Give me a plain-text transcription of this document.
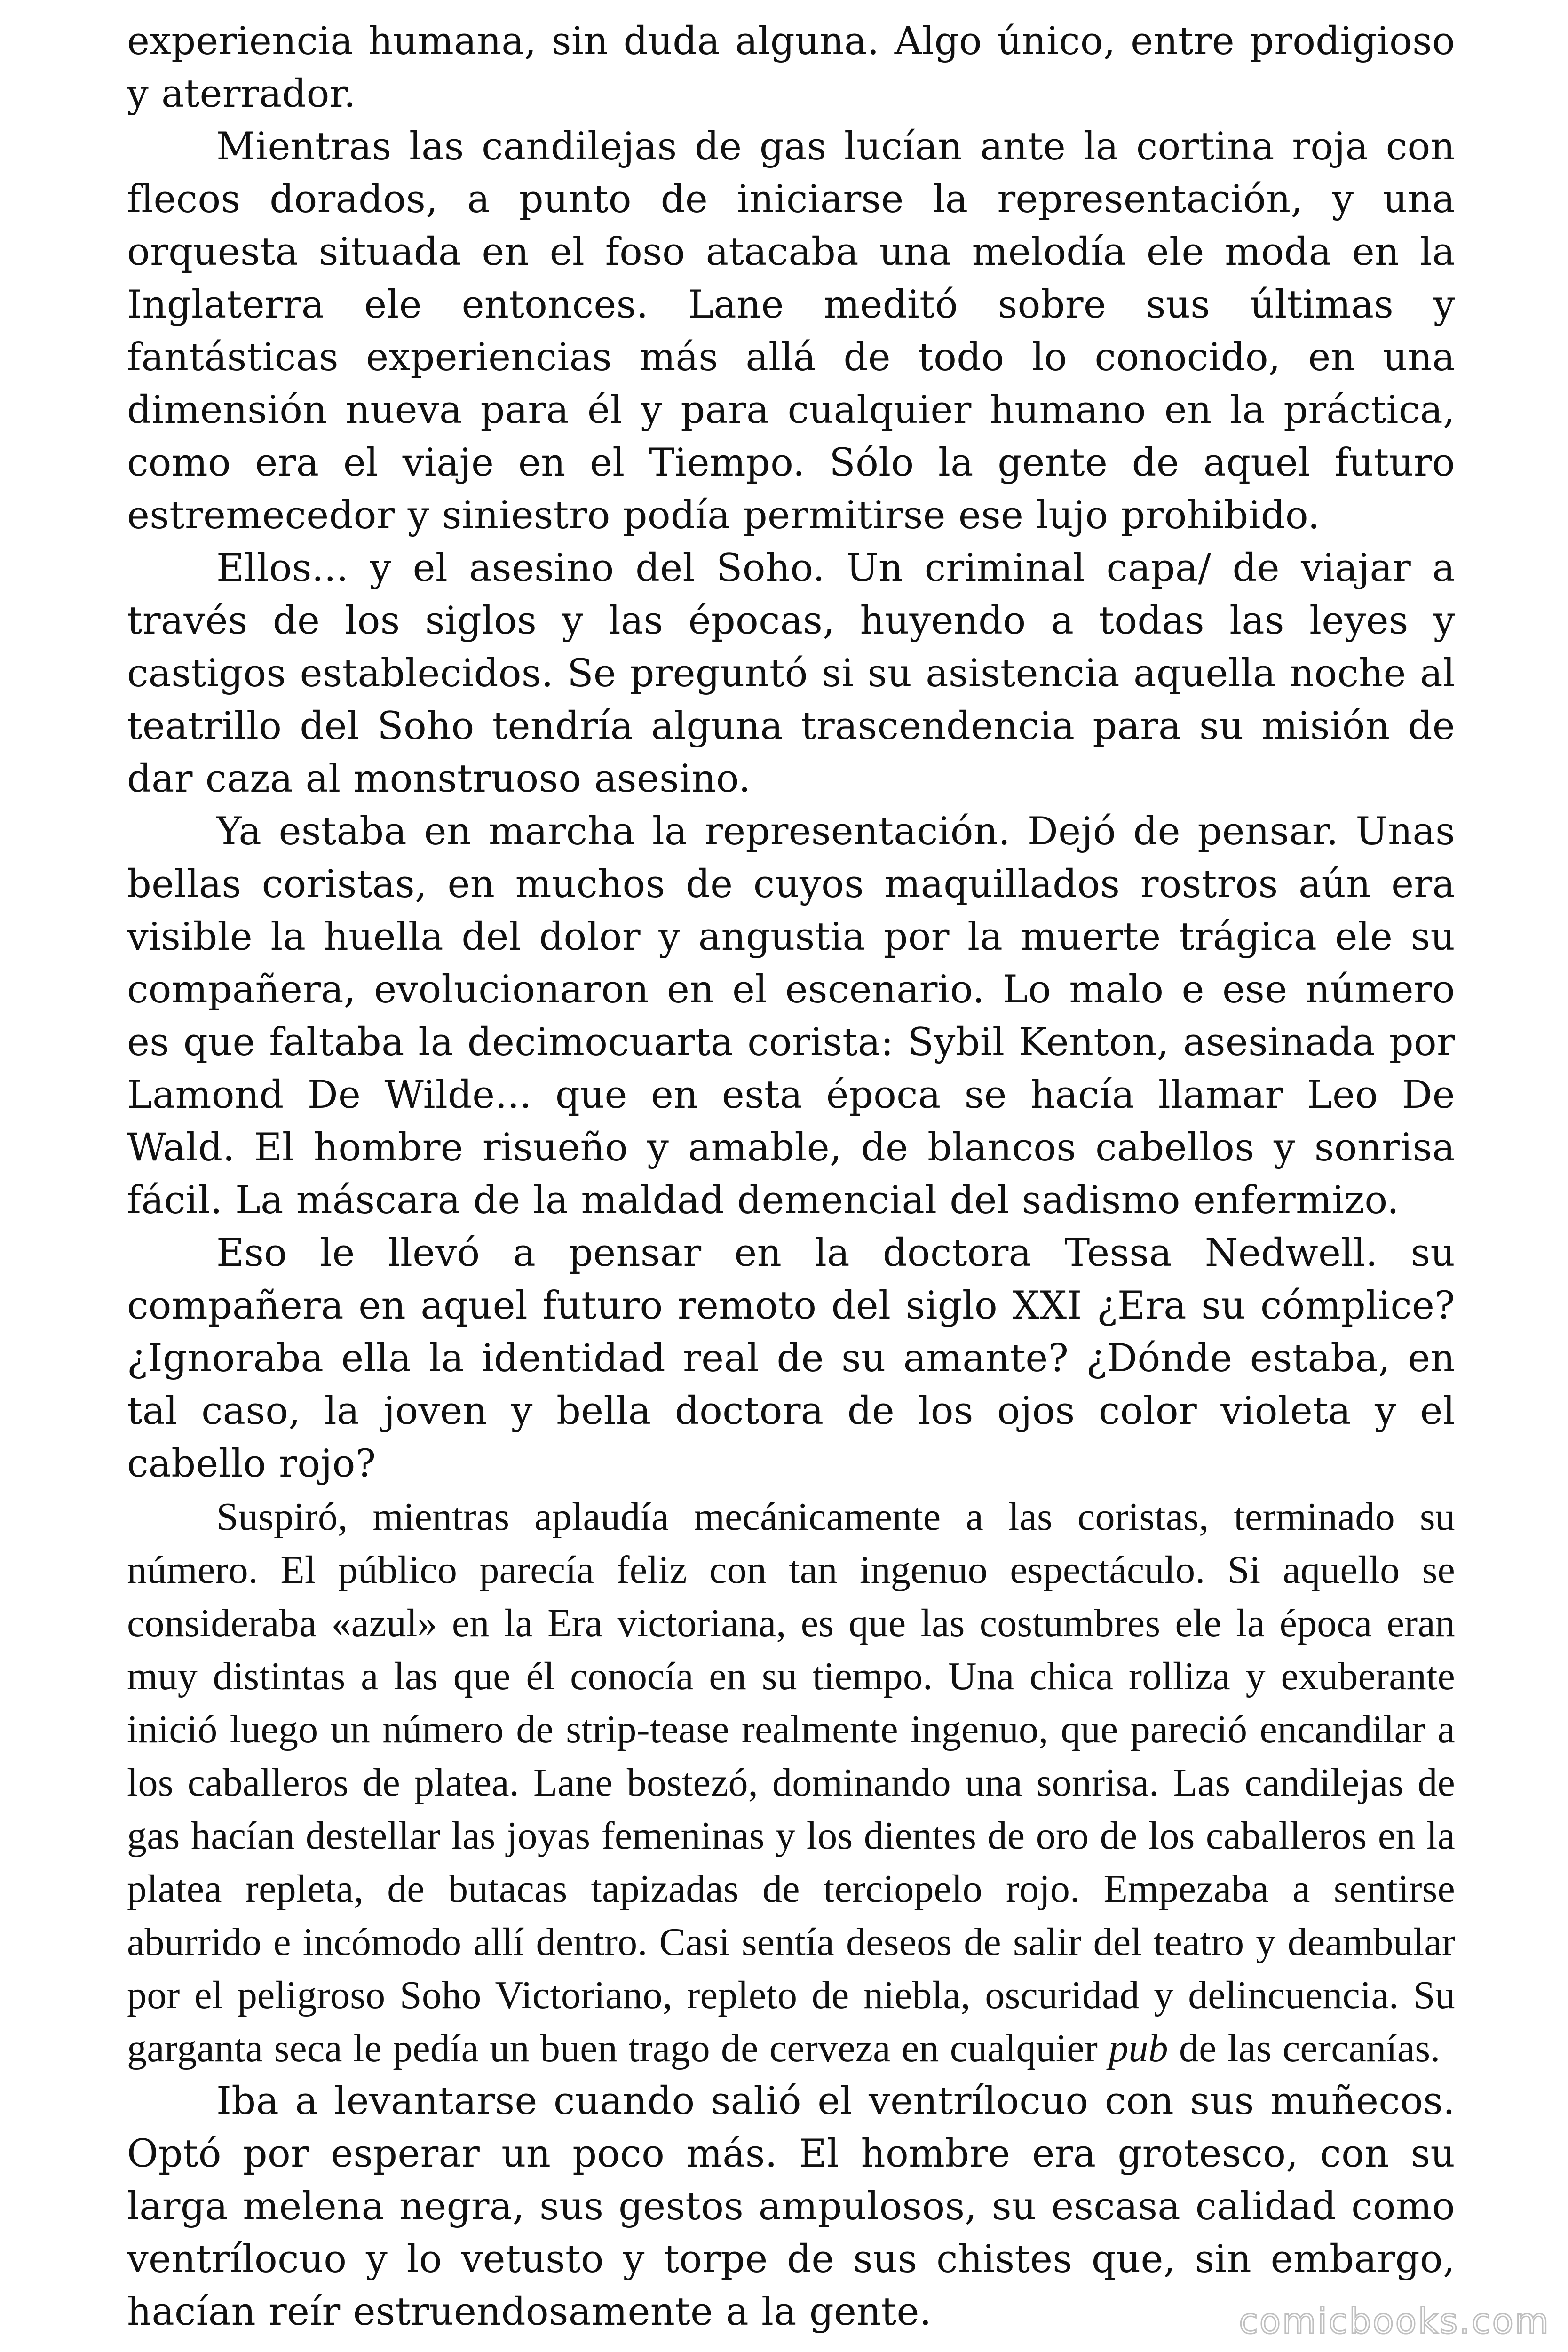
experiencia humana, sin duda alguna. Algo único, entre prodigioso y aterrador.

Mientras las candilejas de gas lucían ante la cortina roja con flecos dorados, a punto de iniciarse la representación, y una orquesta situada en el foso atacaba una melodía ele moda en la Inglaterra ele entonces. Lane meditó sobre sus últimas y fantásticas experiencias más allá de todo lo conocido, en una dimensión nueva para él y para cualquier humano en la práctica, como era el viaje en el Tiempo. Sólo la gente de aquel futuro estremecedor y siniestro podía permitirse ese lujo prohibido.

Ellos... y el asesino del Soho. Un criminal capa/ de viajar a través de los siglos y las épocas, huyendo a todas las leyes y castigos establecidos. Se preguntó si su asistencia aquella noche al teatrillo del Soho tendría alguna trascendencia para su misión de dar caza al monstruoso asesino.

Ya estaba en marcha la representación. Dejó de pensar. Unas bellas coristas, en muchos de cuyos maquillados rostros aún era visible la huella del dolor y angustia por la muerte trágica ele su compañera, evolucionaron en el escenario. Lo malo e ese número es que faltaba la decimocuarta corista: Sybil Kenton, asesinada por Lamond De Wilde... que en esta época se hacía llamar Leo De Wald. El hombre risueño y amable, de blancos cabellos y sonrisa fácil. La máscara de la maldad demencial del sadismo enfermizo.

Eso le llevó a pensar en la doctora Tessa Nedwell. su compañera en aquel futuro remoto del siglo XXI ¿Era su cómplice? ¿Ignoraba ella la identidad real de su amante? ¿Dónde estaba, en tal caso, la joven y bella doctora de los ojos color violeta y el cabello rojo?

Suspiró, mientras aplaudía mecánicamente a las coristas, terminado su número. El público parecía feliz con tan ingenuo espectáculo. Si aquello se consideraba «azul» en la Era victoriana, es que las costumbres ele la época eran muy distintas a las que él conocía en su tiempo. Una chica rolliza y exuberante inició luego un número de strip-tease realmente ingenuo, que pareció encandilar a los caballeros de platea. Lane bostezó, dominando una sonrisa. Las candilejas de gas hacían destellar las joyas femeninas y los dientes de oro de los caballeros en la platea repleta, de butacas tapizadas de terciopelo rojo. Empezaba a sentirse aburrido e incómodo allí dentro. Casi sentía deseos de salir del teatro y deambular por el peligroso Soho Victoriano, repleto de niebla, oscuridad y delincuencia. Su garganta seca le pedía un buen trago de cerveza en cualquier pub de las cercanías.

Iba a levantarse cuando salió el ventrílocuo con sus muñecos. Optó por esperar un poco más. El hombre era grotesco, con su larga melena negra, sus gestos ampulosos, su escasa calidad como ventrílocuo y lo vetusto y torpe de sus chistes que, sin embargo, hacían reír estruendosamente a la gente.	comicbooks.com
